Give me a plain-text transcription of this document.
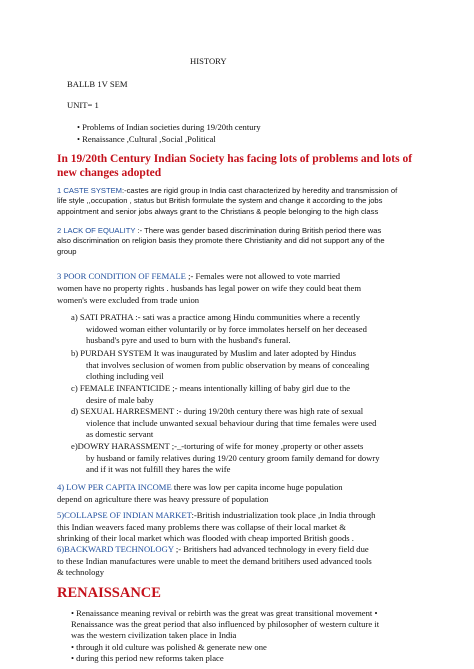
HISTORY
BALLB 1V SEM
UNIT= 1
• Problems of Indian societies during 19/20th century
• Renaissance ,Cultural ,Social ,Political
In 19/20th Century Indian Society has facing lots of problems and lots of
new changes adopted
1 CASTE SYSTEM:-castes are rigid group in India cast characterized by heredity and transmission of
life style ,,occupation , status but British formulate the system and change it according to the jobs
appointment and senior jobs always grant to the Christians & people belonging to the high class
2 LACK OF EQUALITY :- There was gender based discrimination during British period there was
also discrimination on religion basis they promote there Christianity and did not support any of the
group
3 POOR CONDITION OF FEMALE ;- Females were not allowed to vote married
women have no property rights . husbands has legal power on wife they could beat them
women's were excluded from trade union
a) SATI PRATHA :- sati was a practice among Hindu communities where a recently
widowed woman either voluntarily or by force immolates herself on her deceased
husband's pyre and used to burn with the husband's funeral.
b) PURDAH SYSTEM It was inaugurated by Muslim and later adopted by Hindus
that involves seclusion of women from public observation by means of concealing
clothing including veil
c) FEMALE INFANTICIDE ;- means intentionally killing of baby girl due to the
desire of male baby
d) SEXUAL HARRESMENT :- during 19/20th century there was high rate of sexual
violence that include unwanted sexual behaviour during that time females were used
as domestic servant
e)DOWRY HARASSMENT ;-_-torturing of wife for money ,property or other assets
by husband or family relatives during 19/20 century groom family demand for dowry
and if it was not fulfill they hares the wife
4) LOW PER CAPITA INCOME there was low per capita income huge population
depend on agriculture there was heavy pressure of population
5)COLLAPSE OF INDIAN MARKET:-British industrialization took place ,in India through
this Indian weavers faced many problems there was collapse of their local market &
shrinking of their local market which was flooded with cheap imported British goods .
6)BACKWARD TECHNOLOGY ;- Britishers had advanced technology in every field due
to these Indian manufactures were unable to meet the demand britihers used advanced tools
& technology
RENAISSANCE
• Renaissance meaning revival or rebirth was the great was great transitional movement •
Renaissance was the great period that also influenced by philosopher of western culture it
was the western civilization taken place in India
• through it old culture was polished & generate new one
• during this period new reforms taken place
